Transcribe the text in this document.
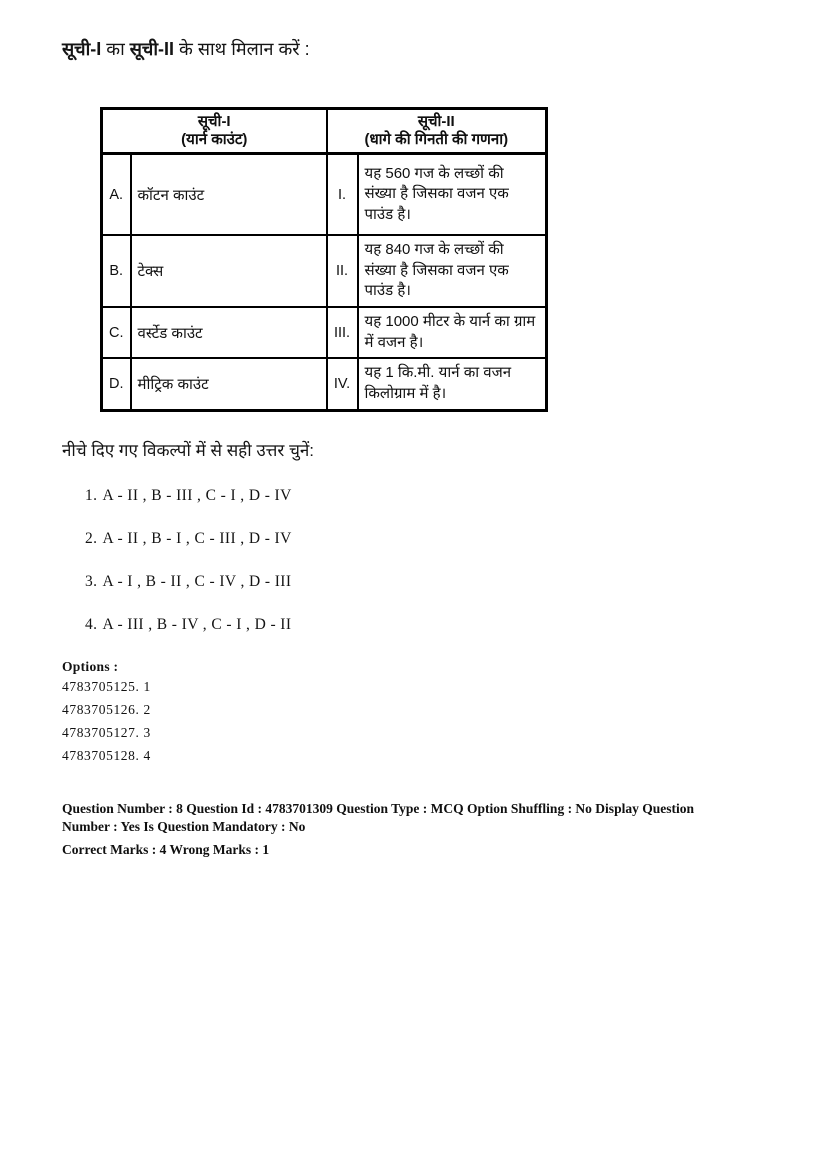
सूची-I का सूची-II के साथ मिलान करें :
सूची-I
(यार्न काउंट)

सूची-II
(धागे की गिनती की गणना)

A.	कॉटन काउंट	I.	यह 560 गज के लच्छों की संख्या है जिसका वजन एक पाउंड है।
B.	टेक्स	II.	यह 840 गज के लच्छों की संख्या है जिसका वजन एक पाउंड है।
C.	वर्स्टेड काउंट	III.	यह 1000 मीटर के यार्न का ग्राम में वजन है।
D.	मीट्रिक काउंट	IV.	यह 1 कि.मी. यार्न का वजन किलोग्राम में है।
नीचे दिए गए विकल्पों में से सही उत्तर चुनें:
1. A - II , B - III , C - I , D - IV
2. A - II , B - I , C - III , D - IV
3. A - I , B - II , C - IV , D - III
4. A - III , B - IV , C - I , D - II
Options :
4783705125. 1
4783705126. 2
4783705127. 3
4783705128. 4
Question Number : 8 Question Id : 4783701309 Question Type : MCQ Option Shuffling : No Display Question
Number : Yes Is Question Mandatory : No
Correct Marks : 4 Wrong Marks : 1
